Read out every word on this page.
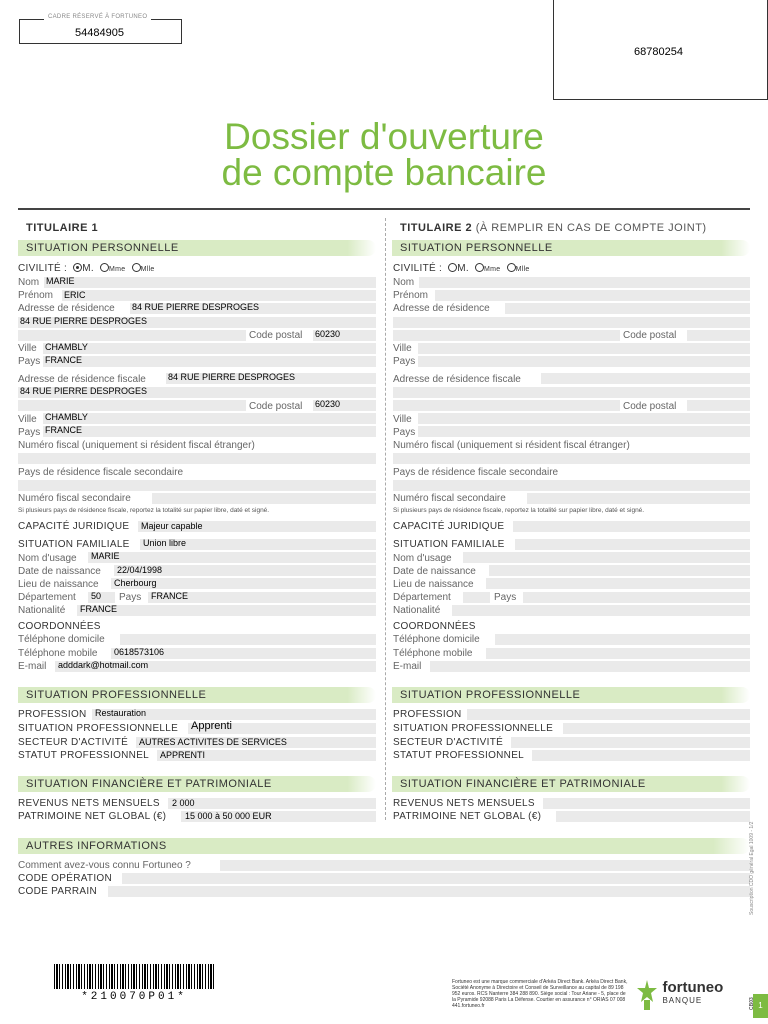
CADRE RÉSERVÉ À FORTUNEO
54484905
68780254
Dossier d'ouverture
de compte bancaire
TITULAIRE 1
SITUATION PERSONNELLE
CIVILITÉ : M. Mme Mlle
Nom MARIE
Prénom ERIC
Adresse de résidence 84 RUE PIERRE DESPROGES
84 RUE PIERRE DESPROGES
Code postal 60230
Ville CHAMBLY
Pays FRANCE
Adresse de résidence fiscale 84 RUE PIERRE DESPROGES
84 RUE PIERRE DESPROGES
Code postal 60230
Ville CHAMBLY
Pays FRANCE
Numéro fiscal (uniquement si résident fiscal étranger)
Pays de résidence fiscale secondaire
Numéro fiscal secondaire
Si plusieurs pays de résidence fiscale, reportez la totalité sur papier libre, daté et signé.
CAPACITÉ JURIDIQUE Majeur capable
SITUATION FAMILIALE Union libre
Nom d'usage MARIE
Date de naissance 22/04/1998
Lieu de naissance Cherbourg
Département 50 Pays FRANCE
Nationalité FRANCE
COORDONNÉES
Téléphone domicile
Téléphone mobile 0618573106
E-mail adddark@hotmail.com
SITUATION PROFESSIONNELLE
PROFESSION Restauration
SITUATION PROFESSIONNELLE Apprenti
SECTEUR D'ACTIVITÉ AUTRES ACTIVITES DE SERVICES
STATUT PROFESSIONNEL APPRENTI
SITUATION FINANCIÈRE ET PATRIMONIALE
REVENUS NETS MENSUELS 2 000
PATRIMOINE NET GLOBAL (€) 15 000 à 50 000 EUR
TITULAIRE 2 (À REMPLIR EN CAS DE COMPTE JOINT)
SITUATION PERSONNELLE
CIVILITÉ : M. Mme Mlle
Nom
Prénom
Adresse de résidence
Code postal
Ville
Pays
Adresse de résidence fiscale
Code postal
Ville
Pays
Numéro fiscal (uniquement si résident fiscal étranger)
Pays de résidence fiscale secondaire
Numéro fiscal secondaire
Si plusieurs pays de résidence fiscale, reportez la totalité sur papier libre, daté et signé.
CAPACITÉ JURIDIQUE
SITUATION FAMILIALE
Nom d'usage
Date de naissance
Lieu de naissance
Département	Pays
Nationalité
COORDONNÉES
Téléphone domicile
Téléphone mobile
E-mail
SITUATION PROFESSIONNELLE
PROFESSION
SITUATION PROFESSIONNELLE
SECTEUR D'ACTIVITÉ
STATUT PROFESSIONNEL
SITUATION FINANCIÈRE ET PATRIMONIALE
REVENUS NETS MENSUELS
PATRIMOINE NET GLOBAL (€)
AUTRES INFORMATIONS
Comment avez-vous connu Fortuneo ?
CODE OPÉRATION
CODE PARRAIN
*210070P01*
Fortuneo est une marque commerciale d'Arkéa Direct Bank. Arkéa Direct Bank, Société Anonyme à Directoire et Conseil de Surveillance au capital de 89 198 952 euros. RCS Nanterre 384 288 890. Siège social : Tour Ariane - 5, place de la Pyramide 92088 Paris La Défense. Courtier en assurance n° ORIAS 07 008 441.fortuneo.fr

fortuneo
BANQUE
1
Souscription CDO général Egal 1009 - 1/2
CB03
